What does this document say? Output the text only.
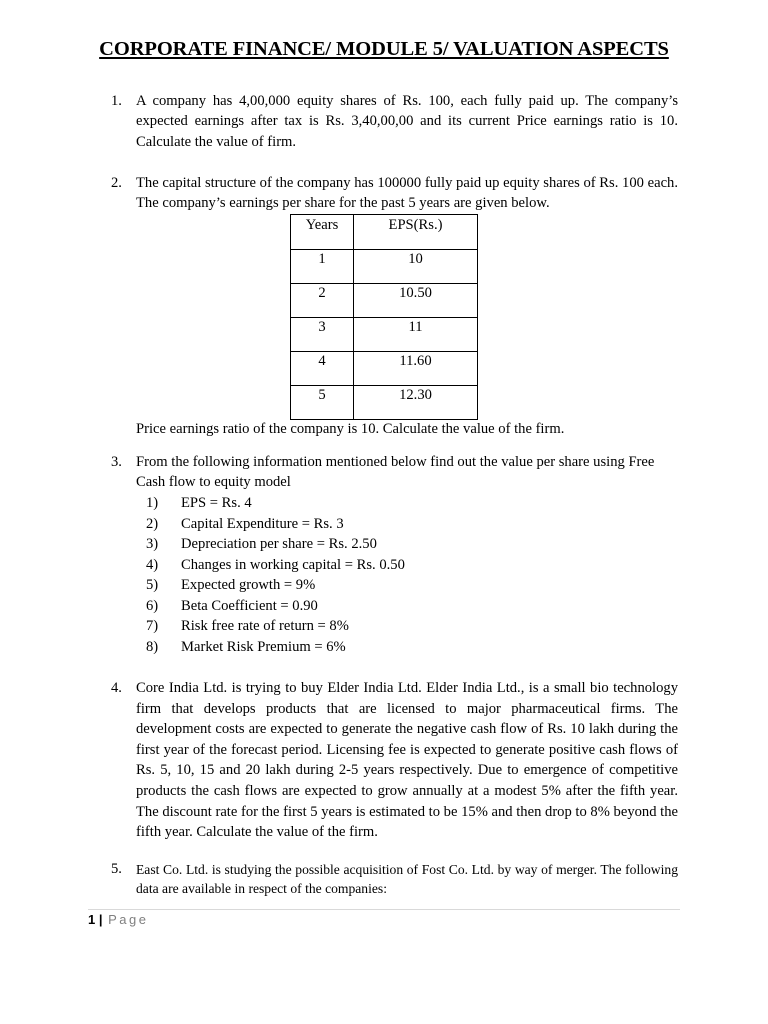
CORPORATE FINANCE/ MODULE 5/ VALUATION ASPECTS
1. A company has 4,00,000 equity shares of Rs. 100, each fully paid up. The company’s expected earnings after tax is Rs. 3,40,00,00 and its current Price earnings ratio is 10. Calculate the value of firm.
2. The capital structure of the company has 100000 fully paid up equity shares of Rs. 100 each. The company’s earnings per share for the past 5 years are given below.
Years	EPS(Rs.)
1	10
2	10.50
3	11
4	11.60
5	12.30
Price earnings ratio of the company is 10. Calculate the value of the firm.
3. From the following information mentioned below find out the value per share using Free Cash flow to equity model
1)	EPS = Rs. 4
2)	Capital Expenditure = Rs. 3
3)	Depreciation per share = Rs. 2.50
4)	Changes in working capital = Rs. 0.50
5)	Expected growth = 9%
6)	Beta Coefficient = 0.90
7)	Risk free rate of return = 8%
8)	Market Risk Premium = 6%
4. Core India Ltd. is trying to buy Elder India Ltd. Elder India Ltd., is a small bio technology firm that develops products that are licensed to major pharmaceutical firms. The development costs are expected to generate the negative cash flow of Rs. 10 lakh during the first year of the forecast period. Licensing fee is expected to generate positive cash flows of Rs. 5, 10, 15 and 20 lakh during 2-5 years respectively. Due to emergence of competitive products the cash flows are expected to grow annually at a modest 5% after the fifth year. The discount rate for the first 5 years is estimated to be 15% and then drop to 8% beyond the fifth year. Calculate the value of the firm.
5. East Co. Ltd. is studying the possible acquisition of Fost Co. Ltd. by way of merger. The following data are available in respect of the companies:
1 | Page
